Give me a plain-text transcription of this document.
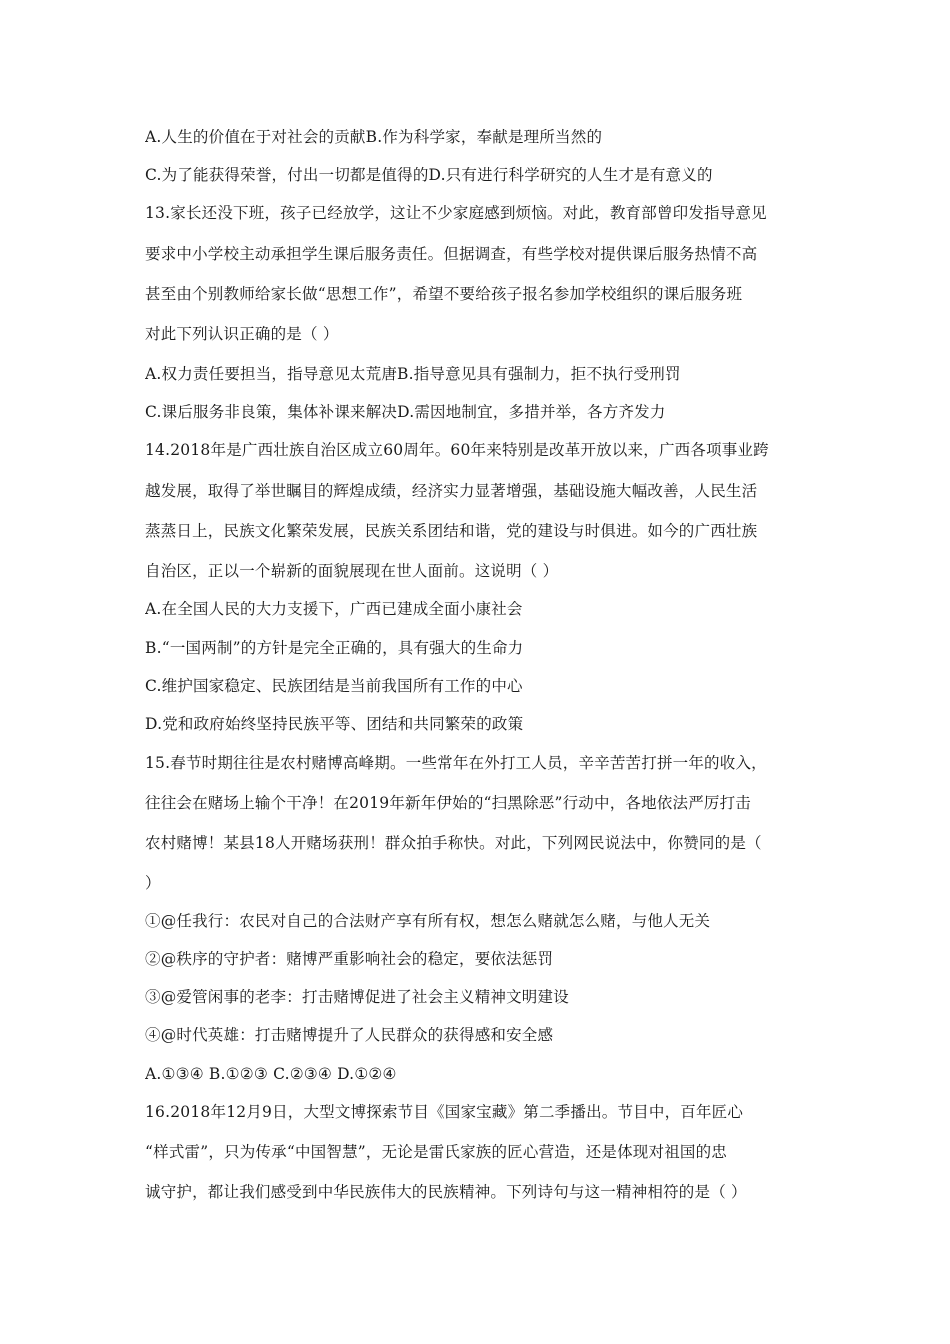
A.人生的价值在于对社会的贡献B.作为科学家，奉献是理所当然的
C.为了能获得荣誉，付出一切都是值得的D.只有进行科学研究的人生才是有意义的
13.家长还没下班，孩子已经放学，这让不少家庭感到烦恼。对此，教育部曾印发指导意见
要求中小学校主动承担学生课后服务责任。但据调查，有些学校对提供课后服务热情不高
甚至由个别教师给家长做“思想工作”，希望不要给孩子报名参加学校组织的课后服务班
对此下列认识正确的是（ ）
A.权力责任要担当，指导意见太荒唐B.指导意见具有强制力，拒不执行受刑罚
C.课后服务非良策，集体补课来解决D.需因地制宜，多措并举，各方齐发力
14.2018年是广西壮族自治区成立60周年。60年来特别是改革开放以来，广西各项事业跨
越发展，取得了举世瞩目的辉煌成绩，经济实力显著增强，基础设施大幅改善，人民生活
蒸蒸日上，民族文化繁荣发展，民族关系团结和谐，党的建设与时俱进。如今的广西壮族
自治区，正以一个崭新的面貌展现在世人面前。这说明（ ）
A.在全国人民的大力支援下，广西已建成全面小康社会
B.“一国两制”的方针是完全正确的，具有强大的生命力
C.维护国家稳定、民族团结是当前我国所有工作的中心
D.党和政府始终坚持民族平等、团结和共同繁荣的政策
15.春节时期往往是农村赌博高峰期。一些常年在外打工人员，辛辛苦苦打拼一年的收入，
往往会在赌场上输个干净！在2019年新年伊始的“扫黑除恶”行动中，各地依法严厉打击
农村赌博！某县18人开赌场获刑！群众拍手称快。对此，下列网民说法中，你赞同的是（
）
①@任我行：农民对自己的合法财产享有所有权，想怎么赌就怎么赌，与他人无关
②@秩序的守护者：赌博严重影响社会的稳定，要依法惩罚
③@爱管闲事的老李：打击赌博促进了社会主义精神文明建设
④@时代英雄：打击赌博提升了人民群众的获得感和安全感
A.①③④ B.①②③ C.②③④ D.①②④
16.2018年12月9日，大型文博探索节目《国家宝藏》第二季播出。节目中，百年匠心
“样式雷”，只为传承“中国智慧”，无论是雷氏家族的匠心营造，还是体现对祖国的忠
诚守护，都让我们感受到中华民族伟大的民族精神。下列诗句与这一精神相符的是（ ）
